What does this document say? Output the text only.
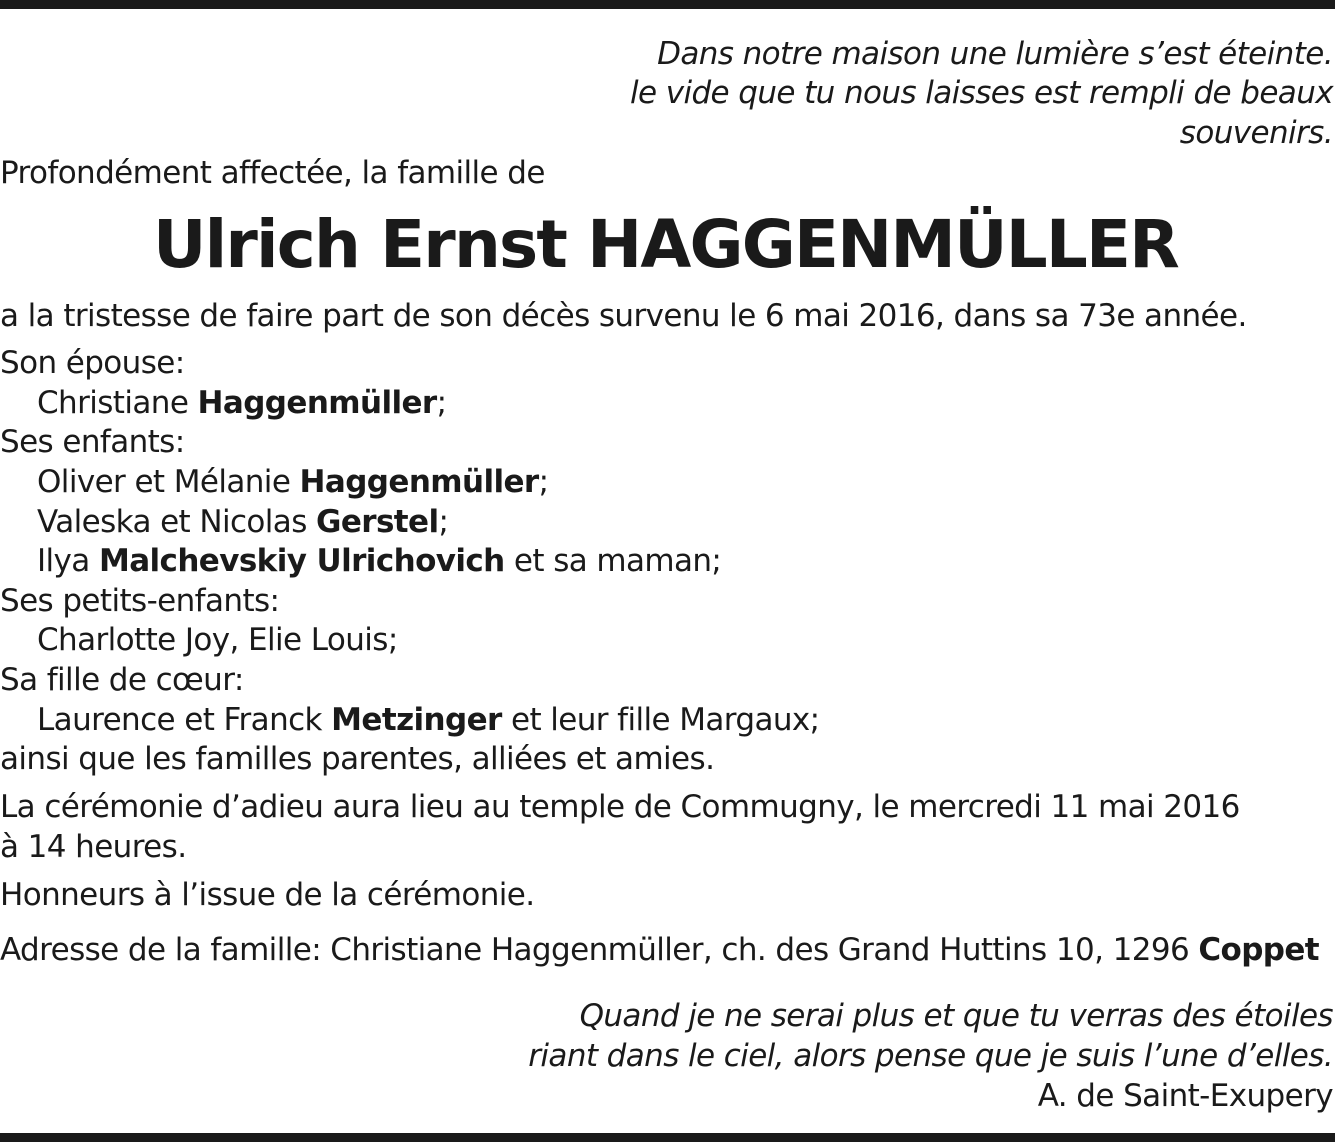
Dans notre maison une lumière s’est éteinte.
le vide que tu nous laisses est rempli de beaux
souvenirs.
Profondément affectée, la famille de
Ulrich Ernst HAGGENMÜLLER
a la tristesse de faire part de son décès survenu le 6 mai 2016, dans sa 73e année.
Son épouse:
Christiane Haggenmüller;
Ses enfants:
Oliver et Mélanie Haggenmüller;
Valeska et Nicolas Gerstel;
Ilya Malchevskiy Ulrichovich et sa maman;
Ses petits-enfants:
Charlotte Joy, Elie Louis;
Sa fille de cœur:
Laurence et Franck Metzinger et leur fille Margaux;
ainsi que les familles parentes, alliées et amies.
La cérémonie d’adieu aura lieu au temple de Commugny, le mercredi 11 mai 2016
à 14 heures.
Honneurs à l’issue de la cérémonie.
Adresse de la famille: Christiane Haggenmüller, ch. des Grand Huttins 10, 1296 Coppet
Quand je ne serai plus et que tu verras des étoiles
riant dans le ciel, alors pense que je suis l’une d’elles.
A. de Saint-Exupery
